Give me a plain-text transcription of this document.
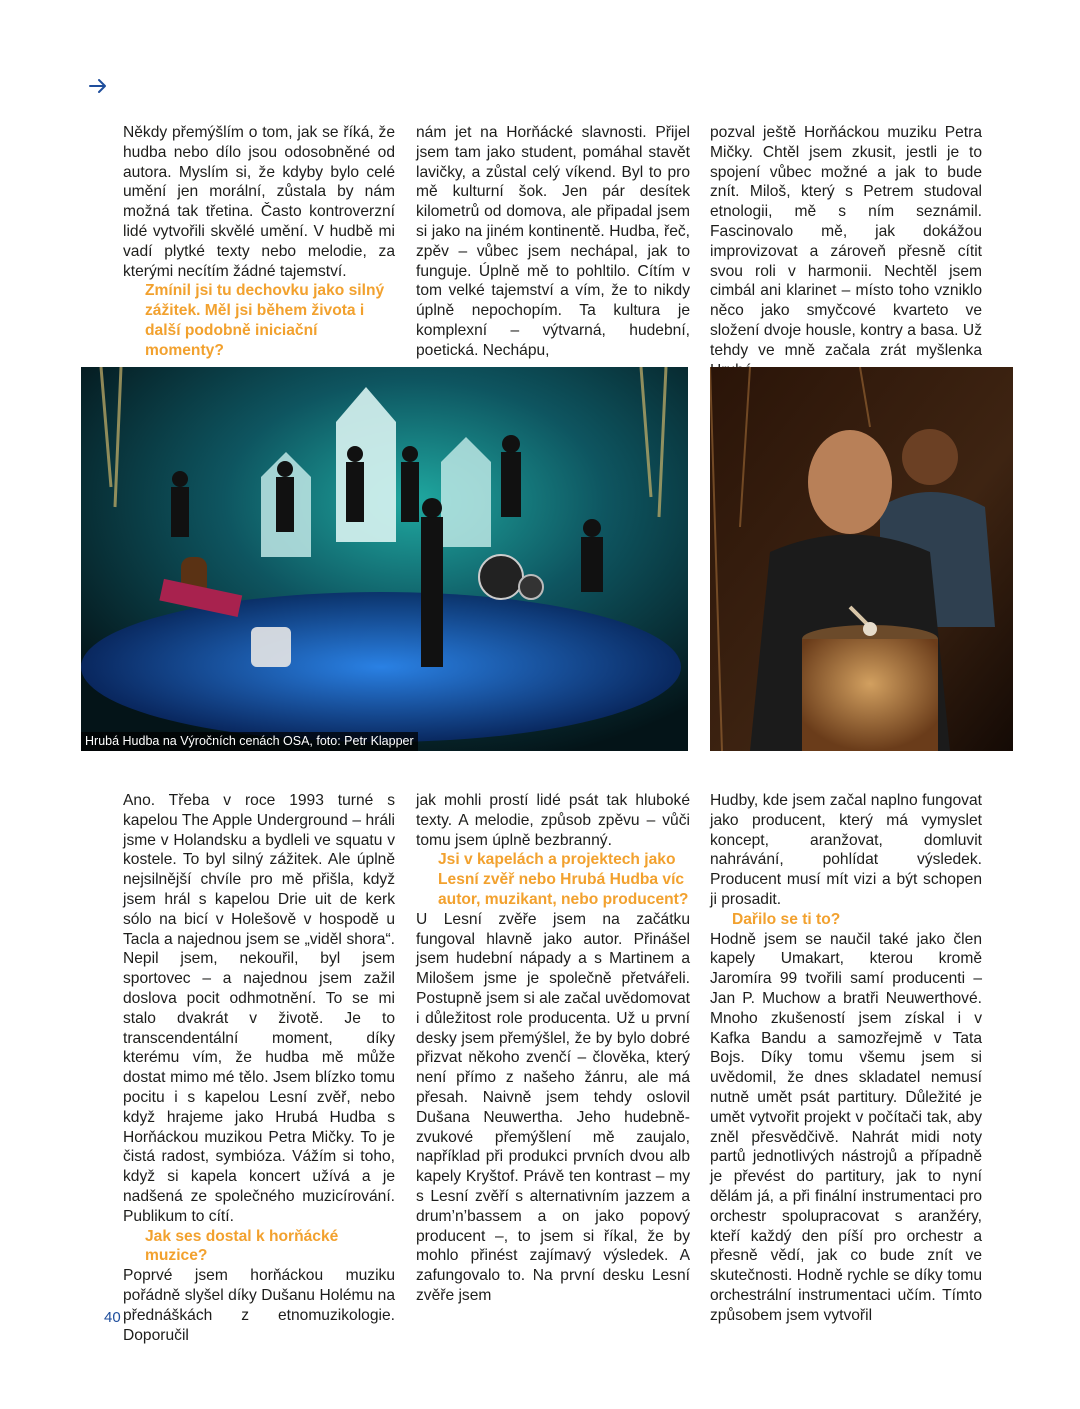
Někdy přemýšlím o tom, jak se říká, že hudba nebo dílo jsou odosobněné od autora. Myslím si, že kdyby bylo celé umění jen morální, zůstala by nám možná tak třetina. Často kontroverzní lidé vytvořili skvělé umění. V hudbě mi vadí plytké texty nebo melodie, za kterými necítím žádné tajemství.

Zmínil jsi tu dechovku jako silný zážitek. Měl jsi během života i další podobně iniciační momenty?

nám jet na Horňácké slavnosti. Přijel jsem tam jako student, pomáhal stavět lavičky, a zůstal celý víkend. Byl to pro mě kulturní šok. Jen pár desítek kilometrů od domova, ale připadal jsem si jako na jiném kontinentě. Hudba, řeč, zpěv – vůbec jsem nechápal, jak to funguje. Úplně mě to pohltilo. Cítím v tom velké tajemství a vím, že to nikdy úplně nepochopím. Ta kultura je komplexní – výtvarná, hudební, poetická. Nechápu,

pozval ještě Horňáckou muziku Petra Mičky. Chtěl jsem zkusit, jestli je to spojení vůbec možné a jak to bude znít. Miloš, který s Petrem studoval etnologii, mě s ním seznámil. Fascinovalo mě, jak dokážou improvizovat a zároveň přesně cítit svou roli v harmonii. Nechtěl jsem cimbál ani klarinet – místo toho vzniklo něco jako smyčcové kvarteto ve složení dvoje housle, kontry a basa. Už tehdy ve mně začala zrát myšlenka

Hrubá Hudba na Výročních cenách OSA, foto: Petr Klapper

Ano. Třeba v roce 1993 turné s kapelou The Apple Underground – hráli jsme v Holandsku a bydleli ve squatu v kostele. To byl silný zážitek. Ale úplně nejsilnější chvíle pro mě přišla, když jsem hrál s kapelou Drie uit de kerk sólo na bicí v Holešově v hospodě u Tacla a najednou jsem se „viděl shora“. Nepil jsem, nekouřil, byl jsem sportovec – a najednou jsem zažil doslova pocit odhmotnění. To se mi stalo dvakrát v životě. Je to transcendentální moment, díky kterému vím, že hudba mě může dostat mimo mé tělo. Jsem blízko tomu pocitu i s kapelou Lesní zvěř, nebo když hrajeme jako Hrubá Hudba s Horňáckou muzikou Petra Mičky. To je čistá radost, symbióza. Vážím si toho, když si kapela koncert užívá a je nadšená ze společného muzicírování. Publikum to cítí.

Jak ses dostal k horňácké muzice?

Poprvé jsem horňáckou muziku pořádně slyšel díky Dušanu Holému na přednáškách z etnomuzikologie. Doporučil

jak mohli prostí lidé psát tak hluboké texty. A melodie, způsob zpěvu – vůči tomu jsem úplně bezbranný.

Jsi v kapelách a projektech jako Lesní zvěř nebo Hrubá Hudba víc autor, muzikant, nebo producent?

U Lesní zvěře jsem na začátku fungoval hlavně jako autor. Přinášel jsem hudební nápady a s Martinem a Milošem jsme je společně přetvářeli. Postupně jsem si ale začal uvědomovat i důležitost role producenta. Už u první desky jsem přemýšlel, že by bylo dobré přizvat někoho zvenčí – člověka, který není přímo z našeho žánru, ale má přesah. Naivně jsem tehdy oslovil Dušana Neuwertha. Jeho hudebně-zvukové přemýšlení mě zaujalo, například při produkci prvních dvou alb kapely Kryštof. Právě ten kontrast – my s Lesní zvěří s alternativním jazzem a drum’n’bassem a on jako popový producent –, to jsem si říkal, že by mohlo přinést zajímavý výsledek. A zafungovalo to. Na první desku Lesní zvěře jsem

Hudby, kde jsem začal naplno fungovat jako producent, který má vymyslet koncept, aranžovat, domluvit nahrávání, pohlídat výsledek. Producent musí mít vizi a být schopen ji prosadit.

Dařilo se ti to?

Hodně jsem se naučil také jako člen kapely Umakart, kterou kromě Jaromíra 99 tvořili samí producenti – Jan P. Muchow a bratři Neuwerthové. Mnoho zkušeností jsem získal i v Kafka Bandu a samozřejmě v Tata Bojs. Díky tomu všemu jsem si uvědomil, že dnes skladatel nemusí nutně umět psát partitury. Důležité je umět vytvořit projekt v počítači tak, aby zněl přesvědčivě. Nahrát midi noty partů jednotlivých nástrojů a případně je převést do partitury, jak to nyní dělám já, a při finální instrumentaci pro orchestr spolupracovat s aranžéry, kteří každý den píší pro orchestr a přesně vědí, jak co bude znít ve skutečnosti. Hodně rychle se díky tomu orchestrální instrumentaci učím. Tímto způsobem jsem vytvořil

40
